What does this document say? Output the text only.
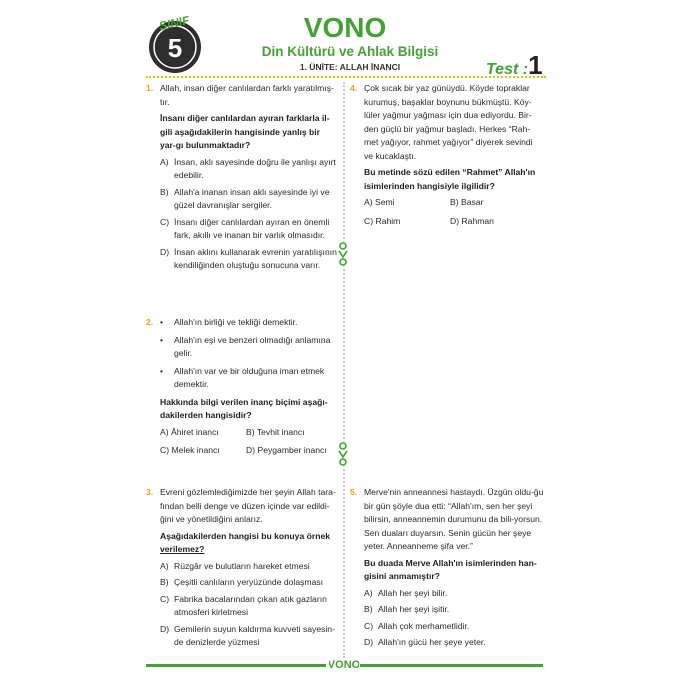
SINIF
5
VONO
Din Kültürü ve Ahlak Bilgisi
1. ÜNİTE: ALLAH İNANCI	Test :1
1. Allah, insan diğer canlılardan farklı yaratılmış-tır.

İnsanı diğer canlılardan ayıran farklarla il-gili aşağıdakilerin hangisinde yanlış bir yar-gı bulunmaktadır?

A) İnsan, aklı sayesinde doğru ile yanlışı ayırt edebilir.
B) Allah'a inanan insan aklı sayesinde iyi ve güzel davranışlar sergiler.
C) İnsanı diğer canlılardan ayıran en önemli fark, akıllı ve inanan bir varlık olmasıdır.
D) İnsan aklını kullanarak evrenin yaratılışının kendiliğinden oluştuğu sonucuna varır.
2. •	Allah'ın birliği ve tekliği demektir.
•	Allah'ın eşi ve benzeri olmadığı anlamına gelir.
•	Allah'ın var ve bir olduğuna iman etmek demektir.

Hakkında bilgi verilen inanç biçimi aşağı-dakilerden hangisidir?

A) Âhiret inancı	B) Tevhit inancı
C) Melek inancı	D) Peygamber inancı
3. Evreni gözlemlediğimizde her şeyin Allah tara-fından belli denge ve düzen içinde var edildi-ğini ve yönetildiğini anlarız.

Aşağıdakilerden hangisi bu konuya örnek
verilemez?

A) Rüzgâr ve bulutların hareket etmesi
B) Çeşitli canlıların yeryüzünde dolaşması
C) Fabrika bacalarından çıkan atık gazların atmosferi kirletmesi
D) Gemilerin suyun kaldırma kuvveti sayesin-de denizlerde yüzmesi
4. Çok sıcak bir yaz günüydü. Köyde topraklar kurumuş, başaklar boynunu bükmüştü. Köy-lüler yağmur yağması için dua ediyordu. Bir-den güçlü bir yağmur başladı. Herkes “Rah-met yağıyor, rahmet yağıyor” diyerek sevindi ve kucaklaştı.

Bu metinde sözü edilen “Rahmet” Allah'ın isimlerinden hangisiyle ilgilidir?

A) Semi	B) Basar
C) Rahim	D) Rahman
5. Merve'nin anneannesi hastaydı. Üzgün oldu-ğu bir gün şöyle dua etti: “Allah'ım, sen her şeyi bilirsin, anneannemin durumunu da bili-yorsun. Sen duaları duyarsın. Senin gücün her şeye yeter. Anneanneme şifa ver.”

Bu duada Merve Allah'ın isimlerinden han-gisini anmamıştır?

A) Allah her şeyi bilir.
B) Allah her şeyi işitir.
C) Allah çok merhametlidir.
D) Allah'ın gücü her şeye yeter.
VONO
